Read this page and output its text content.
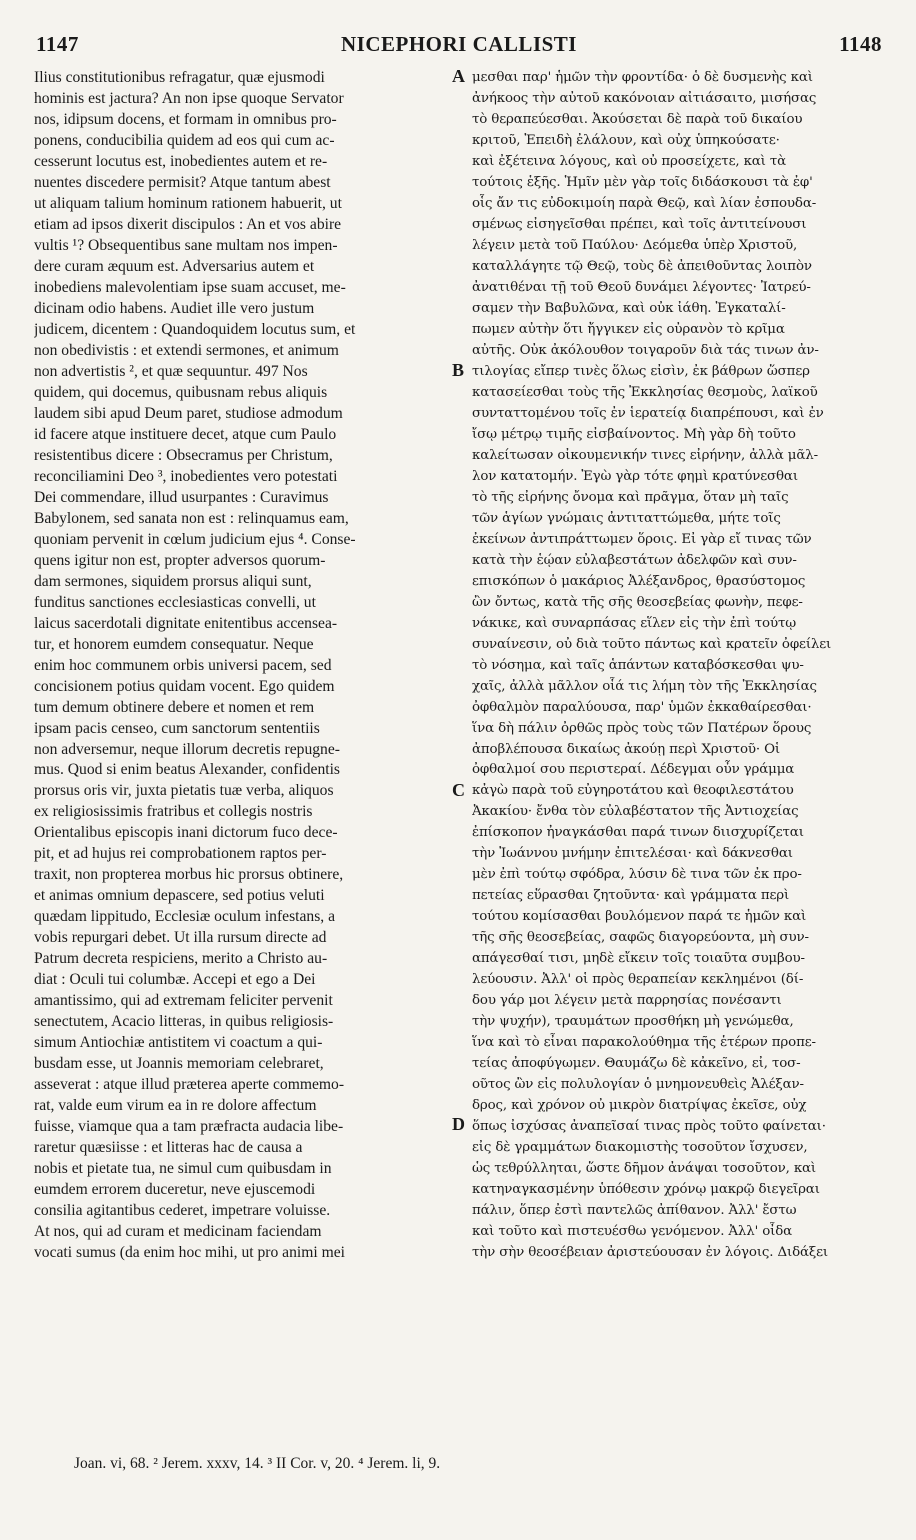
1147	NICEPHORI CALLISTI	1148
Ilius constitutionibus refragatur, quæ ejusmodi
hominis est jactura? An non ipse quoque Servator
nos, idipsum docens, et formam in omnibus pro-
ponens, conducibilia quidem ad eos qui cum ac-
cesserunt locutus est, inobedientes autem et re-
nuentes discedere permisit? Atque tantum abest
ut aliquam talium hominum rationem habuerit, ut
etiam ad ipsos dixerit discipulos : An et vos abire
vultis ¹? Obsequentibus sane multam nos impen-
dere curam æquum est. Adversarius autem et
inobediens malevolentiam ipse suam accuset, me-
dicinam odio habens. Audiet ille vero justum
judicem, dicentem : Quandoquidem locutus sum, et
non obedivistis : et extendi sermones, et animum
non advertistis ², et quæ sequuntur. 497 Nos
quidem, qui docemus, quibusnam rebus aliquis
laudem sibi apud Deum paret, studiose admodum
id facere atque instituere decet, atque cum Paulo
resistentibus dicere : Obsecramus per Christum,
reconciliamini Deo ³, inobedientes vero potestati
Dei commendare, illud usurpantes : Curavimus
Babylonem, sed sanata non est : relinquamus eam,
quoniam pervenit in cœlum judicium ejus ⁴. Conse-
quens igitur non est, propter adversos quorum-
dam sermones, siquidem prorsus aliqui sunt,
funditus sanctiones ecclesiasticas convelli, ut
laicus sacerdotali dignitate enitentibus accensea-
tur, et honorem eumdem consequatur. Neque
enim hoc communem orbis universi pacem, sed
concisionem potius quidam vocent. Ego quidem
tum demum obtinere debere et nomen et rem
ipsam pacis censeo, cum sanctorum sententiis
non adversemur, neque illorum decretis repugne-
mus. Quod si enim beatus Alexander, confidentis
prorsus oris vir, juxta pietatis tuæ verba, aliquos
ex religiosissimis fratribus et collegis nostris
Orientalibus episcopis inani dictorum fuco decе-
pit, et ad hujus rei comprobationem raptos per-
traxit, non propterea morbus hic prorsus obtinere,
et animas omnium depascere, sed potius veluti
quædam lippitudo, Ecclesiæ oculum infestans, a
vobis repurgari debet. Ut illa rursum directe ad
Patrum decreta respiciens, merito a Christo au-
diat : Oculi tui columbæ. Accepi et ego a Dei
amantissimo, qui ad extremam feliciter pervenit
senectutem, Acacio litteras, in quibus religiosis-
simum Antiochiæ antistitem vi coactum a qui-
busdam esse, ut Joannis memoriam celebraret,
asseverat : atque illud præterea aperte commemo-
rat, valde eum virum ea in re dolore affectum
fuisse, viamque qua a tam præfracta audacia libe-
raretur quæsiisse : et litteras hac de causa a
nobis et pietate tua, ne simul cum quibusdam in
eumdem errorem duceretur, neve ejuscemodi
consilia agitantibus cederet, impetrare voluisse.
At nos, qui ad curam et medicinam faciendam
vocati sumus (da enim hoc mihi, ut pro animi mei
μεσθαι παρ' ἡμῶν τὴν φροντίδα· ὁ δὲ δυσμενὴς καὶ
ἀνήκοος τὴν αὐτοῦ κακόνοιαν αἰτιάσαιτο, μισήσας
τὸ θεραπεύεσθαι. Ἀκούσεται δὲ παρὰ τοῦ δικαίου
κριτοῦ, Ἐπειδὴ ἐλάλουν, καὶ οὐχ ὑπηκούσατε·
καὶ ἐξέτεινα λόγους, καὶ οὐ προσείχετε, καὶ τὰ
τούτοις ἑξῆς. Ἡμῖν μὲν γὰρ τοῖς διδάσκουσι τὰ ἐφ'
οἷς ἄν τις εὐδοκιμοίη παρὰ Θεῷ, καὶ λίαν ἐσπουδα-
σμένως εἰσηγεῖσθαι πρέπει, καὶ τοῖς ἀντιτείνουσι
λέγειν μετὰ τοῦ Παύλου· Δεόμεθα ὑπὲρ Χριστοῦ,
καταλλάγητε τῷ Θεῷ, τοὺς δὲ ἀπειθοῦντας λοιπὸν
ἀνατιθέναι τῇ τοῦ Θεοῦ δυνάμει λέγοντες· Ἰατρεύ-
σαμεν τὴν Βαβυλῶνα, καὶ οὐκ ἰάθη. Ἐγκαταλί-
πωμεν αὐτὴν ὅτι ἤγγικεν εἰς οὐρανὸν τὸ κρῖμα
αὐτῆς. Οὐκ ἀκόλουθον τοιγαροῦν διὰ τάς τινων ἀν-
τιλογίας εἴπερ τινὲς ὅλως εἰσὶν, ἐκ βάθρων ὥσπερ
κατασείεσθαι τοὺς τῆς Ἐκκλησίας θεσμοὺς, λαϊκοῦ
συνταττομένου τοῖς ἐν ἱερατείᾳ διαπρέπουσι, καὶ ἐν
ἴσῳ μέτρῳ τιμῆς εἰσβαίνοντος. Μὴ γὰρ δὴ τοῦτο
καλείτωσαν οἰκουμενικήν τινες εἰρήνην, ἀλλὰ μᾶλ-
λον κατατομήν. Ἐγὼ γὰρ τότε φημὶ κρατύνεσθαι
τὸ τῆς εἰρήνης ὄνομα καὶ πρᾶγμα, ὅταν μὴ ταῖς
τῶν ἁγίων γνώμαις ἀντιταττώμεθα, μήτε τοῖς
ἐκείνων ἀντιπράττωμεν ὅροις. Εἰ γὰρ εἴ τινας τῶν
κατὰ τὴν ἑῴαν εὐλαβεστάτων ἀδελφῶν καὶ συν-
επισκόπων ὁ μακάριος Ἀλέξανδρος, θρασύστομος
ὢν ὄντως, κατὰ τῆς σῆς θεοσεβείας φωνὴν, πεφε-
νάκικε, καὶ συναρπάσας εἵλεν εἰς τὴν ἐπὶ τούτῳ
συναίνεσιν, οὐ διὰ τοῦτο πάντως καὶ κρατεῖν ὀφείλει
τὸ νόσημα, καὶ ταῖς ἁπάντων καταβόσκεσθαι ψυ-
χαῖς, ἀλλὰ μᾶλλον οἷά τις λήμη τὸν τῆς Ἐκκλησίας
ὀφθαλμὸν παραλύουσα, παρ' ὑμῶν ἐκκαθαίρεσθαι·
ἵνα δὴ πάλιν ὀρθῶς πρὸς τοὺς τῶν Πατέρων ὅρους
ἀποβλέπουσα δικαίως ἀκούῃ περὶ Χριστοῦ· Οἱ
ὀφθαλμοί σου περιστεραί. Δέδεγμαι οὖν γράμμα
κἀγὼ παρὰ τοῦ εὐγηροτάτου καὶ θεοφιλεστάτου
Ἀκακίου· ἔνθα τὸν εὐλαβέστατον τῆς Ἀντιοχείας
ἐπίσκοπον ἠναγκάσθαι παρά τινων διισχυρίζεται
τὴν Ἰωάννου μνήμην ἐπιτελέσαι· καὶ δάκνεσθαι
μὲν ἐπὶ τούτῳ σφόδρα, λύσιν δὲ τινα τῶν ἐκ προ-
πετείας εὕρασθαι ζητοῦντα· καὶ γράμματα περὶ
τούτου κομίσασθαι βουλόμενον παρά τε ἡμῶν καὶ
τῆς σῆς θεοσεβείας, σαφῶς διαγορεύοντα, μὴ συν-
απάγεσθαί τισι, μηδὲ εἴκειν τοῖς τοιαῦτα συμβου-
λεύουσιν. Ἀλλ' οἱ πρὸς θεραπείαν κεκλημένοι (δί-
δου γάρ μοι λέγειν μετὰ παρρησίας πονέσαντι
τὴν ψυχήν), τραυμάτων προσθήκη μὴ γενώμεθα,
ἵνα καὶ τὸ εἶναι παρακολούθημα τῆς ἑτέρων προπε-
τείας ἀποφύγωμεν. Θαυμάζω δὲ κἀκεῖνο, εἰ, τοσ-
οῦτος ὢν εἰς πολυλογίαν ὁ μνημονευθεὶς Ἀλέξαν-
δρος, καὶ χρόνον οὐ μικρὸν διατρίψας ἐκεῖσε, οὐχ
ὅπως ἰσχύσας ἀναπεῖσαί τινας πρὸς τοῦτο φαίνεται·
εἰς δὲ γραμμάτων διακομιστὴς τοσοῦτον ἴσχυσεν,
ὡς τεθρύλληται, ὥστε δῆμον ἀνάψαι τοσοῦτον, καὶ
κατηναγκασμένην ὑπόθεσιν χρόνῳ μακρῷ διεγεῖραι
πάλιν, ὅπερ ἐστὶ παντελῶς ἀπίθανον. Ἀλλ' ἔστω
καὶ τοῦτο καὶ πιστευέσθω γενόμενον. Ἀλλ' οἶδα
τὴν σὴν θεοσέβειαν ἀριστεύουσαν ἐν λόγοις. Διδάξει
A
B
C
D
Joan. vi, 68. ² Jerem. xxxv, 14. ³ II Cor. v, 20. ⁴ Jerem. li, 9.
